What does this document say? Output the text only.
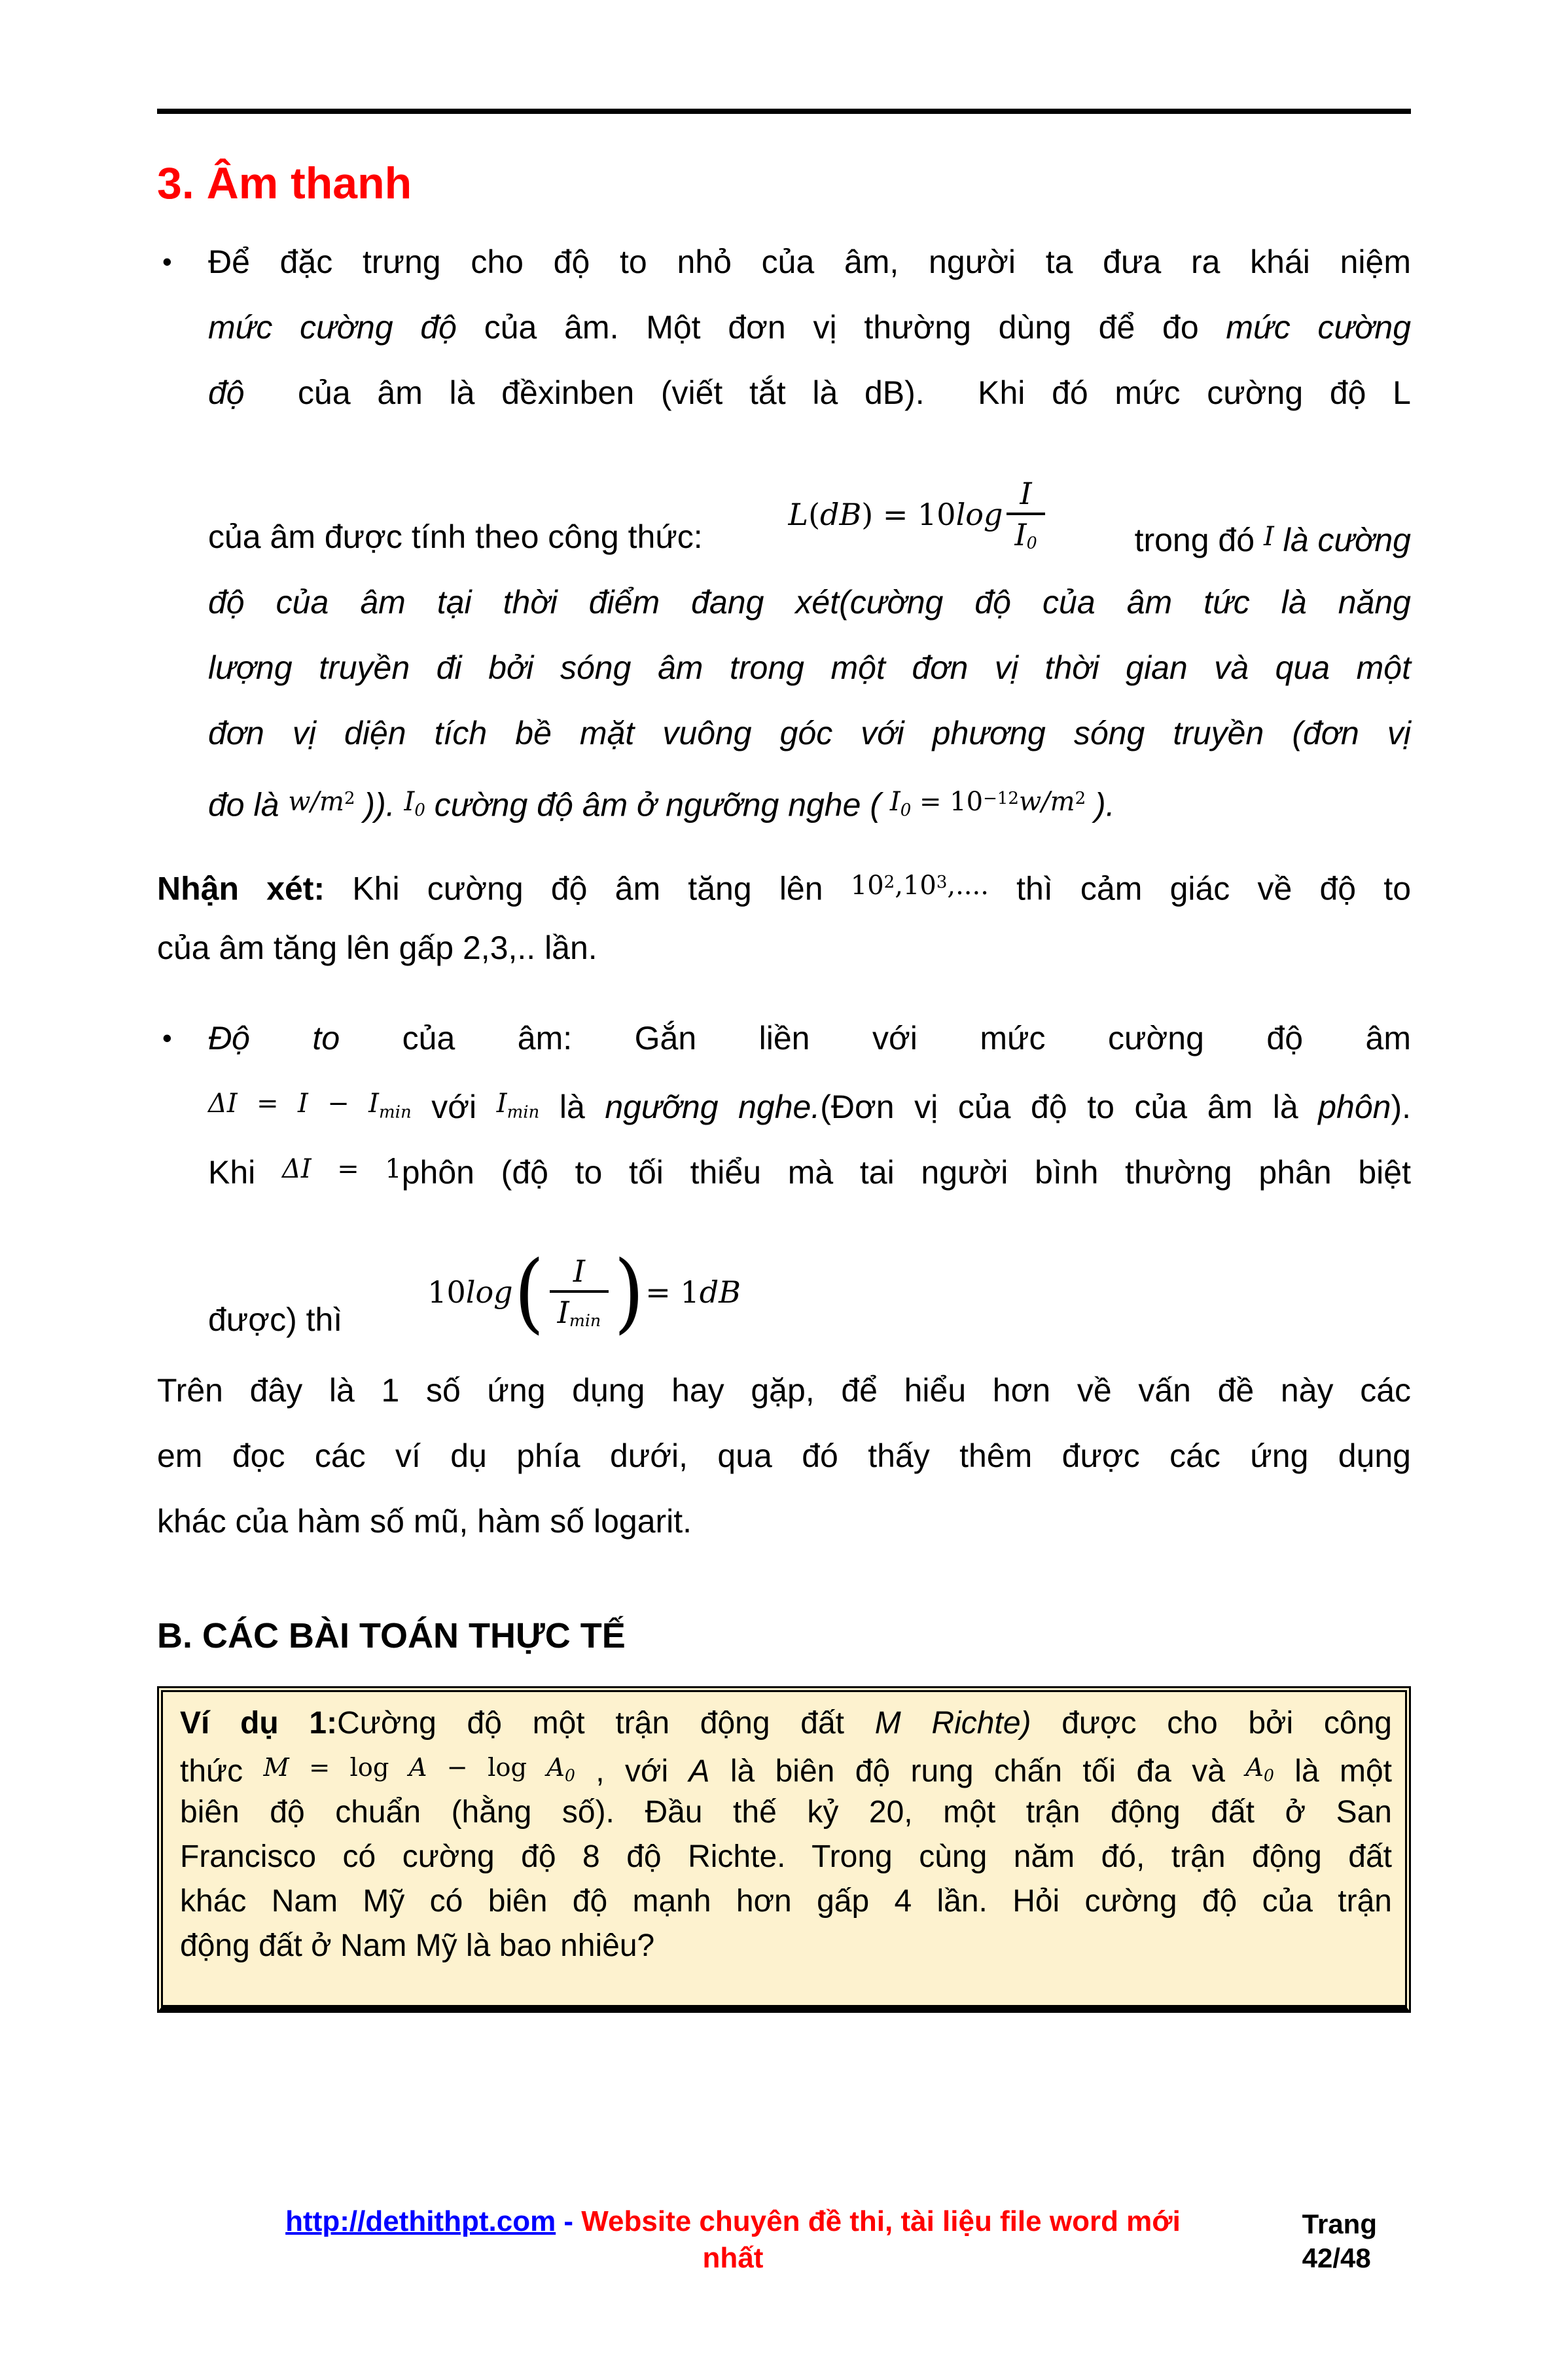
3. Âm thanh
• Để đặc trưng cho độ to nhỏ của âm, người ta đưa ra khái niệm
mức cường độ của âm. Một đơn vị thường dùng để đo mức cường
độ  của âm là đềxinben (viết tắt là dB).  Khi đó mức cường độ L
của âm được tính theo công thức:
L ( dB ) = 10 $\log \frac{I}{I0}$	trong đó I là cường
độ của âm tại thời điểm đang xét(cường độ của âm tức là năng
lượng truyền đi bởi sóng âm trong một đơn vị thời gian và qua một
đơn vị diện tích bề mặt vuông góc với phương sóng truyền (đơn vị
đo là $w/m^2$ )). I0 cường độ âm ở ngưỡng nghe ( $I0 = 10^{-12}w/m^2$ ).
Nhận xét: Khi cường độ âm tăng lên $10^2,10^3$,.... thì cảm giác về độ to
của âm tăng lên gấp 2,3,.. lần.
• Độ to của âm: Gắn liền với mức cường độ âm
ΔI = I − Imin với Imin là ngưỡng nghe.(Đơn vị của độ to của âm là phôn).
Khi ΔI = 1phôn (độ to tối thiểu mà tai người bình thường phân biệt
được) thì
10 log ( $\frac{I}{Imin}$ ) = 1 dB
Trên đây là 1 số ứng dụng hay gặp, để hiểu hơn về vấn đề này các
em đọc các ví dụ phía dưới, qua đó thấy thêm được các ứng dụng
khác của hàm số mũ, hàm số logarit.
B. CÁC BÀI TOÁN THỰC TẾ
Ví dụ 1:Cường độ một trận động đất M Richte) được cho bởi công
thức M = log A − log A0 , với A là biên độ rung chấn tối đa và A0 là một
biên độ chuẩn (hằng số). Đầu thế kỷ 20, một trận động đất ở San
Francisco có cường độ 8 độ Richte. Trong cùng năm đó, trận động đất
khác Nam Mỹ có biên độ mạnh hơn gấp 4 lần. Hỏi cường độ của trận
động đất ở Nam Mỹ là bao nhiêu?
http://dethithpt.com - Website chuyên đề thi, tài liệu file word mới
nhất
Trang
42/48
